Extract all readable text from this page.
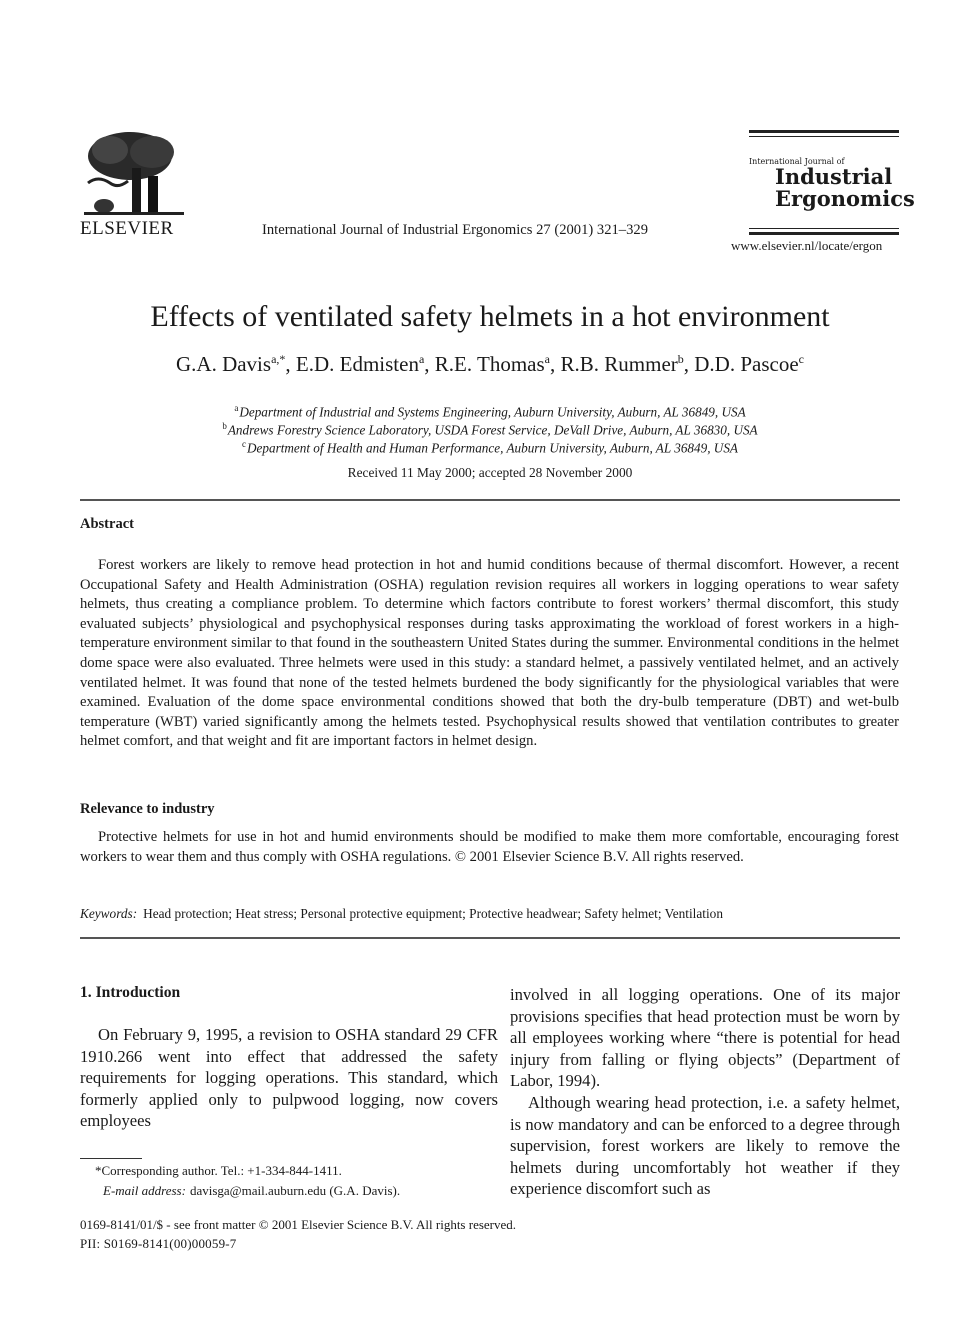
ELSEVIER	International Journal of Industrial Ergonomics 27 (2001) 321–329
International Journal of
Industrial
Ergonomics
www.elsevier.nl/locate/ergon
Effects of ventilated safety helmets in a hot environment
G.A. Davis$^{a,*}$, E.D. Edmisten$^a$, R.E. Thomas$^a$, R.B. Rummer$^b$, D.D. Pascoe$^c$
$^a$Department of Industrial and Systems Engineering, Auburn University, Auburn, AL 36849, USA
$^b$Andrews Forestry Science Laboratory, USDA Forest Service, DeVall Drive, Auburn, AL 36830, USA
$^c$Department of Health and Human Performance, Auburn University, Auburn, AL 36849, USA
Received 11 May 2000; accepted 28 November 2000
Abstract
Forest workers are likely to remove head protection in hot and humid conditions because of thermal discomfort. However, a recent Occupational Safety and Health Administration (OSHA) regulation revision requires all workers in logging operations to wear safety helmets, thus creating a compliance problem. To determine which factors contribute to forest workers’ thermal discomfort, this study evaluated subjects’ physiological and psychophysical responses during tasks approximating the workload of forest workers in a high-temperature environment similar to that found in the southeastern United States during the summer. Environmental conditions in the helmet dome space were also evaluated. Three helmets were used in this study: a standard helmet, a passively ventilated helmet, and an actively ventilated helmet. It was found that none of the tested helmets burdened the body significantly for the physiological variables that were examined. Evaluation of the dome space environmental conditions showed that both the dry-bulb temperature (DBT) and wet-bulb temperature (WBT) varied significantly among the helmets tested. Psychophysical results showed that ventilation contributes to greater helmet comfort, and that weight and fit are important factors in helmet design.
Relevance to industry
Protective helmets for use in hot and humid environments should be modified to make them more comfortable, encouraging forest workers to wear them and thus comply with OSHA regulations. © 2001 Elsevier Science B.V. All rights reserved.
Keywords: Head protection; Heat stress; Personal protective equipment; Protective headwear; Safety helmet; Ventilation
1. Introduction
On February 9, 1995, a revision to OSHA standard 29 CFR 1910.266 went into effect that addressed the safety requirements for logging operations. This standard, which formerly applied only to pulpwood logging, now covers employees
involved in all logging operations. One of its major provisions specifies that head protection must be worn by all employees working where “there is potential for head injury from falling or flying objects” (Department of Labor, 1994).
Although wearing head protection, i.e. a safety helmet, is now mandatory and can be enforced to a degree through supervision, forest workers are likely to remove the helmets during uncomfortably hot weather if they experience discomfort such as
*Corresponding author. Tel.: +1-334-844-1411.
E-mail address: davisga@mail.auburn.edu (G.A. Davis).
0169-8141/01/$ - see front matter © 2001 Elsevier Science B.V. All rights reserved.
PII: S0169-8141(00)00059-7
